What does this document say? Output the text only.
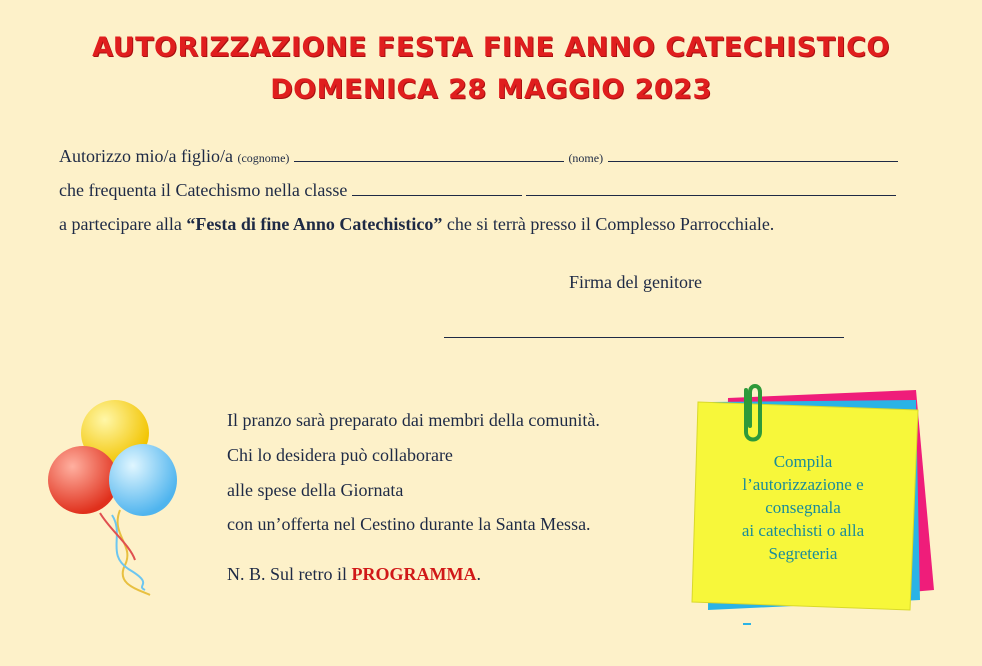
AUTORIZZAZIONE FESTA FINE ANNO CATECHISTICO
DOMENICA 28 MAGGIO 2023
Autorizzo mio/a figlio/a (cognome)	(nome)
che frequenta il Catechismo nella classe
a partecipare alla “Festa di fine Anno Catechistico” che si terrà presso il Complesso Parrocchiale.
Firma del genitore
Il pranzo sarà preparato dai membri della comunità.
Chi lo desidera può collaborare
alle spese della Giornata
con un’offerta nel Cestino durante la Santa Messa.
N. B. Sul retro il PROGRAMMA.
Compila
l’autorizzazione e
consegnala
ai catechisti o alla
Segreteria
